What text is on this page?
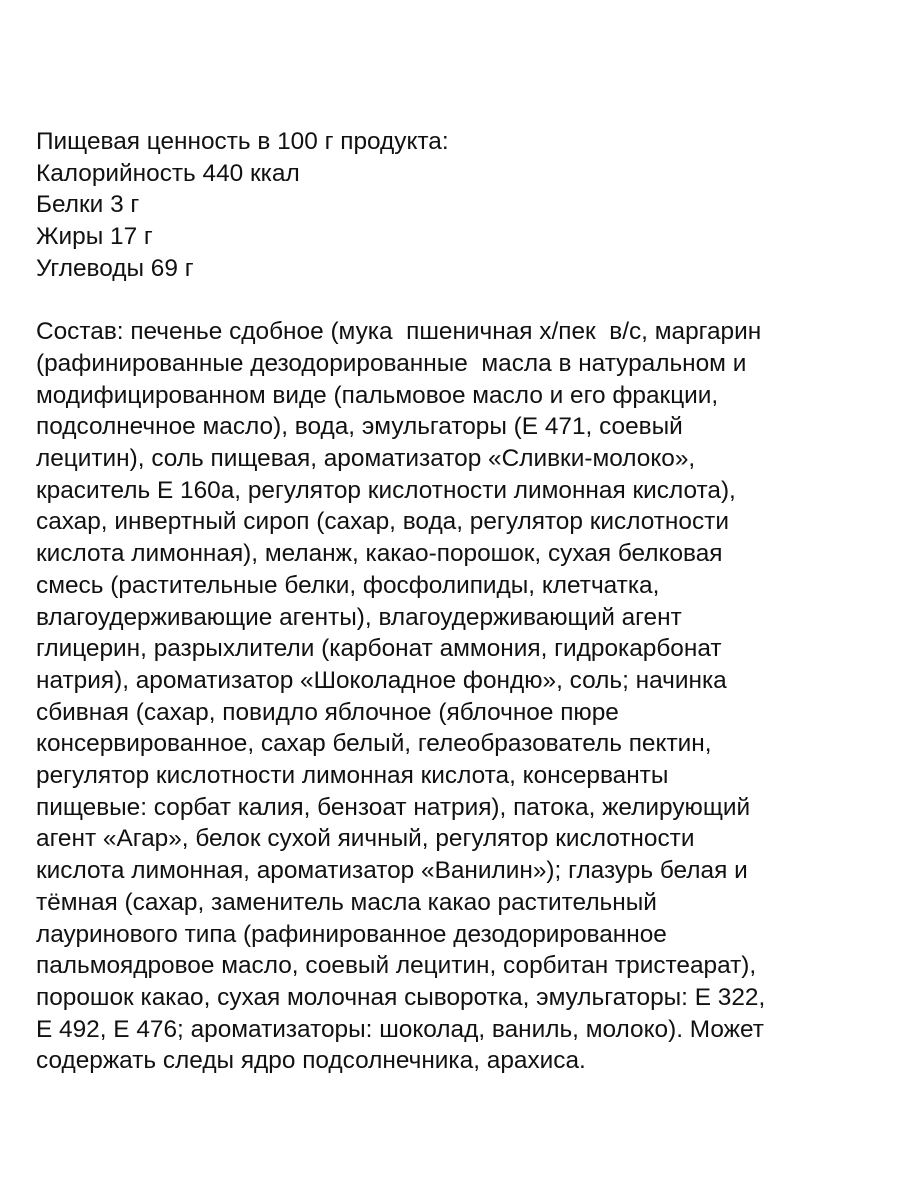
Пищевая ценность в 100 г продукта:
Калорийность 440 ккал
Белки 3 г
Жиры 17 г
Углеводы 69 г
Состав: печенье сдобное (мука  пшеничная х/пек  в/с, маргарин
(рафинированные дезодорированные  масла в натуральном и
модифицированном виде (пальмовое масло и его фракции,
подсолнечное масло), вода, эмульгаторы (Е 471, соевый
лецитин), соль пищевая, ароматизатор «Сливки-молоко»,
краситель Е 160а, регулятор кислотности лимонная кислота),
сахар, инвертный сироп (сахар, вода, регулятор кислотности
кислота лимонная), меланж, какао-порошок, сухая белковая
смесь (растительные белки, фосфолипиды, клетчатка,
влагоудерживающие агенты), влагоудерживающий агент
глицерин, разрыхлители (карбонат аммония, гидрокарбонат
натрия), ароматизатор «Шоколадное фондю», соль; начинка
сбивная (сахар, повидло яблочное (яблочное пюре
консервированное, сахар белый, гелеобразователь пектин,
регулятор кислотности лимонная кислота, консерванты
пищевые: сорбат калия, бензоат натрия), патока, желирующий
агент «Агар», белок сухой яичный, регулятор кислотности
кислота лимонная, ароматизатор «Ванилин»); глазурь белая и
тёмная (сахар, заменитель масла какао растительный
лауринового типа (рафинированное дезодорированное
пальмоядровое масло, соевый лецитин, сорбитан тристеарат),
порошок какао, сухая молочная сыворотка, эмульгаторы: Е 322,
Е 492, Е 476; ароматизаторы: шоколад, ваниль, молоко). Может
содержать следы ядро подсолнечника, арахиса.
